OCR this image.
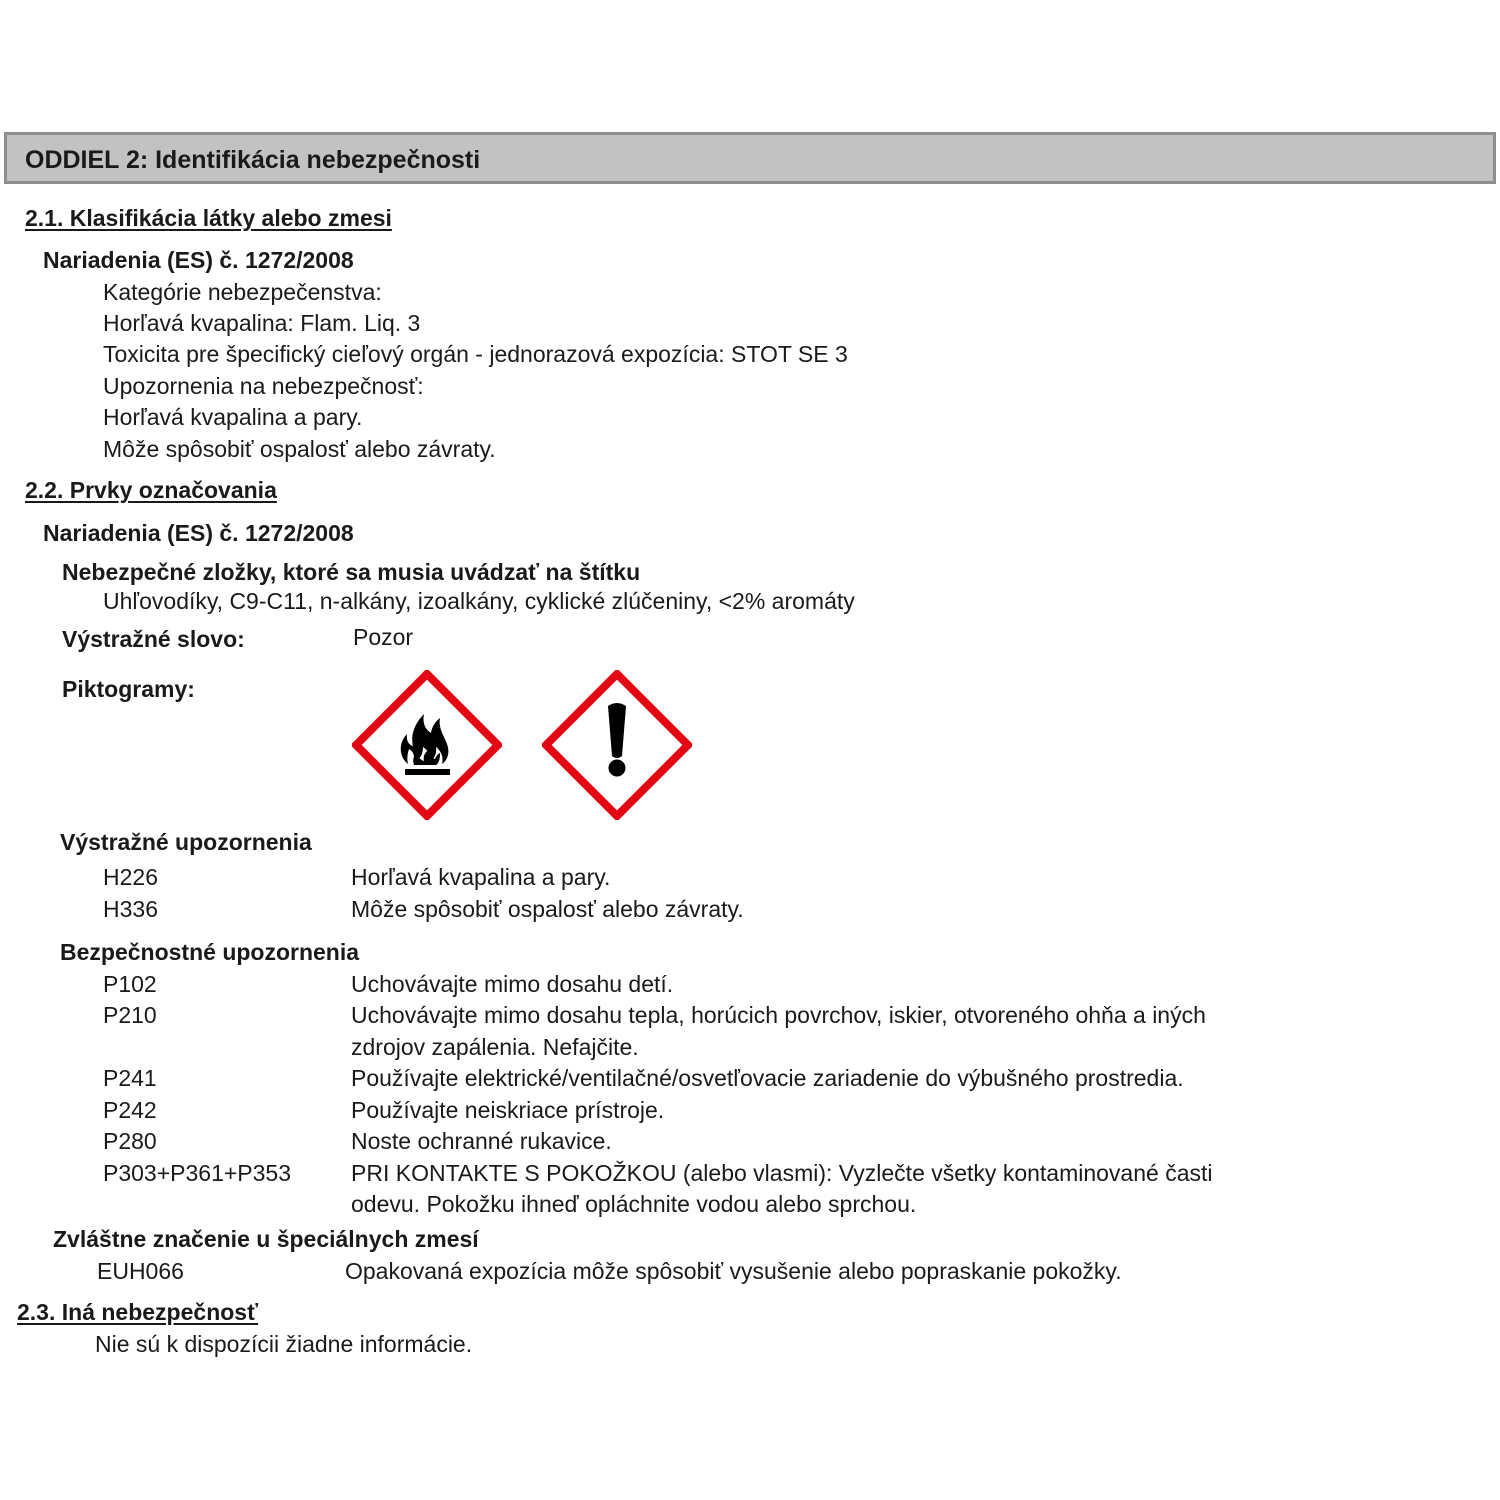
ODDIEL 2: Identifikácia nebezpečnosti
2.1. Klasifikácia látky alebo zmesi
Nariadenia (ES) č. 1272/2008
Kategórie nebezpečenstva:
Horľavá kvapalina: Flam. Liq. 3
Toxicita pre špecifický cieľový orgán - jednorazová expozícia: STOT SE 3
Upozornenia na nebezpečnosť:
Horľavá kvapalina a pary.
Môže spôsobiť ospalosť alebo závraty.
2.2. Prvky označovania
Nariadenia (ES) č. 1272/2008
Nebezpečné zložky, ktoré sa musia uvádzať na štítku
Uhľovodíky, C9-C11, n-alkány, izoalkány, cyklické zlúčeniny, <2% aromáty
Výstražné slovo:	Pozor
Piktogramy:
Výstražné upozornenia
H226	Horľavá kvapalina a pary.
H336	Môže spôsobiť ospalosť alebo závraty.
Bezpečnostné upozornenia
P102	Uchovávajte mimo dosahu detí.
P210	Uchovávajte mimo dosahu tepla, horúcich povrchov, iskier, otvoreného ohňa a iných
zdrojov zapálenia. Nefajčite.
P241	Používajte elektrické/ventilačné/osvetľovacie zariadenie do výbušného prostredia.
P242	Používajte neiskriace prístroje.
P280	Noste ochranné rukavice.
P303+P361+P353	PRI KONTAKTE S POKOŽKOU (alebo vlasmi): Vyzlečte všetky kontaminované časti
odevu. Pokožku ihneď opláchnite vodou alebo sprchou.
Zvláštne značenie u špeciálnych zmesí
EUH066	Opakovaná expozícia môže spôsobiť vysušenie alebo popraskanie pokožky.
2.3. Iná nebezpečnosť
Nie sú k dispozícii žiadne informácie.
